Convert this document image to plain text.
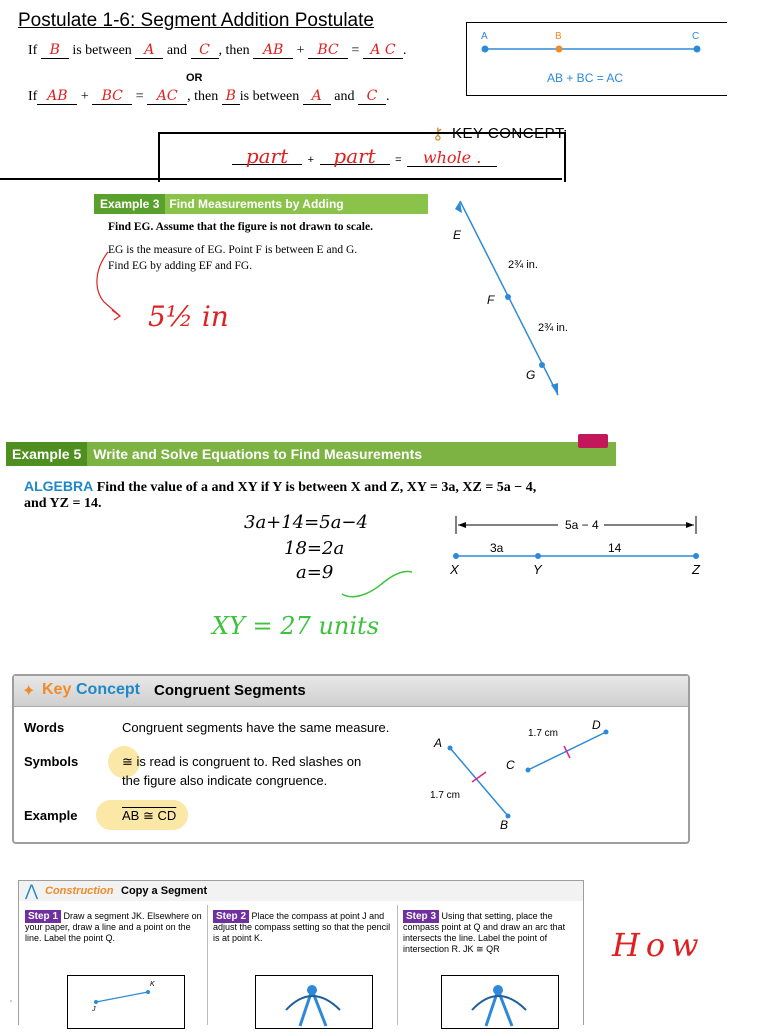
Postulate 1-6: Segment Addition Postulate
If B is between A and C , then AB + BC = A C .
OR
If AB + BC = AC , then B is between A and C .
A	B	C
AB + BC = AC
⚷ KEY CONCEPT:
part + part = whole .
Example 3 Find Measurements by Adding
Find EG. Assume that the figure is not drawn to scale.
EG is the measure of EG. Point F is between E and G.
Find EG by adding EF and FG.
5½ in
E
F
G
2¾ in.
2¾ in.
Example 5 Write and Solve Equations to Find Measurements
ALGEBRA Find the value of a and XY if Y is between X and Z, XY = 3a, XZ = 5a − 4,
and YZ = 14.
3a+14=5a−4
18=2a
a=9
XY = 27 units
5a − 4
3a	14
X	Y	Z
✦ Key Concept Congruent Segments
Words	Congruent segments have the same measure.
Symbols	≅ is read is congruent to. Red slashes on
the figure also indicate congruence.
Example	AB ≅ CD
A
B
C
D
1.7 cm
1.7 cm
⋀ Construction Copy a Segment
Step 1 Draw a segment JK. Elsewhere on your paper, draw a line and a point on the line. Label the point Q.
Step 2 Place the compass at point J and adjust the compass setting so that the pencil is at point K.
Step 3 Using that setting, place the compass point at Q and draw an arc that intersects the line. Label the point of intersection R. JK ≅ QR
J
K
How
